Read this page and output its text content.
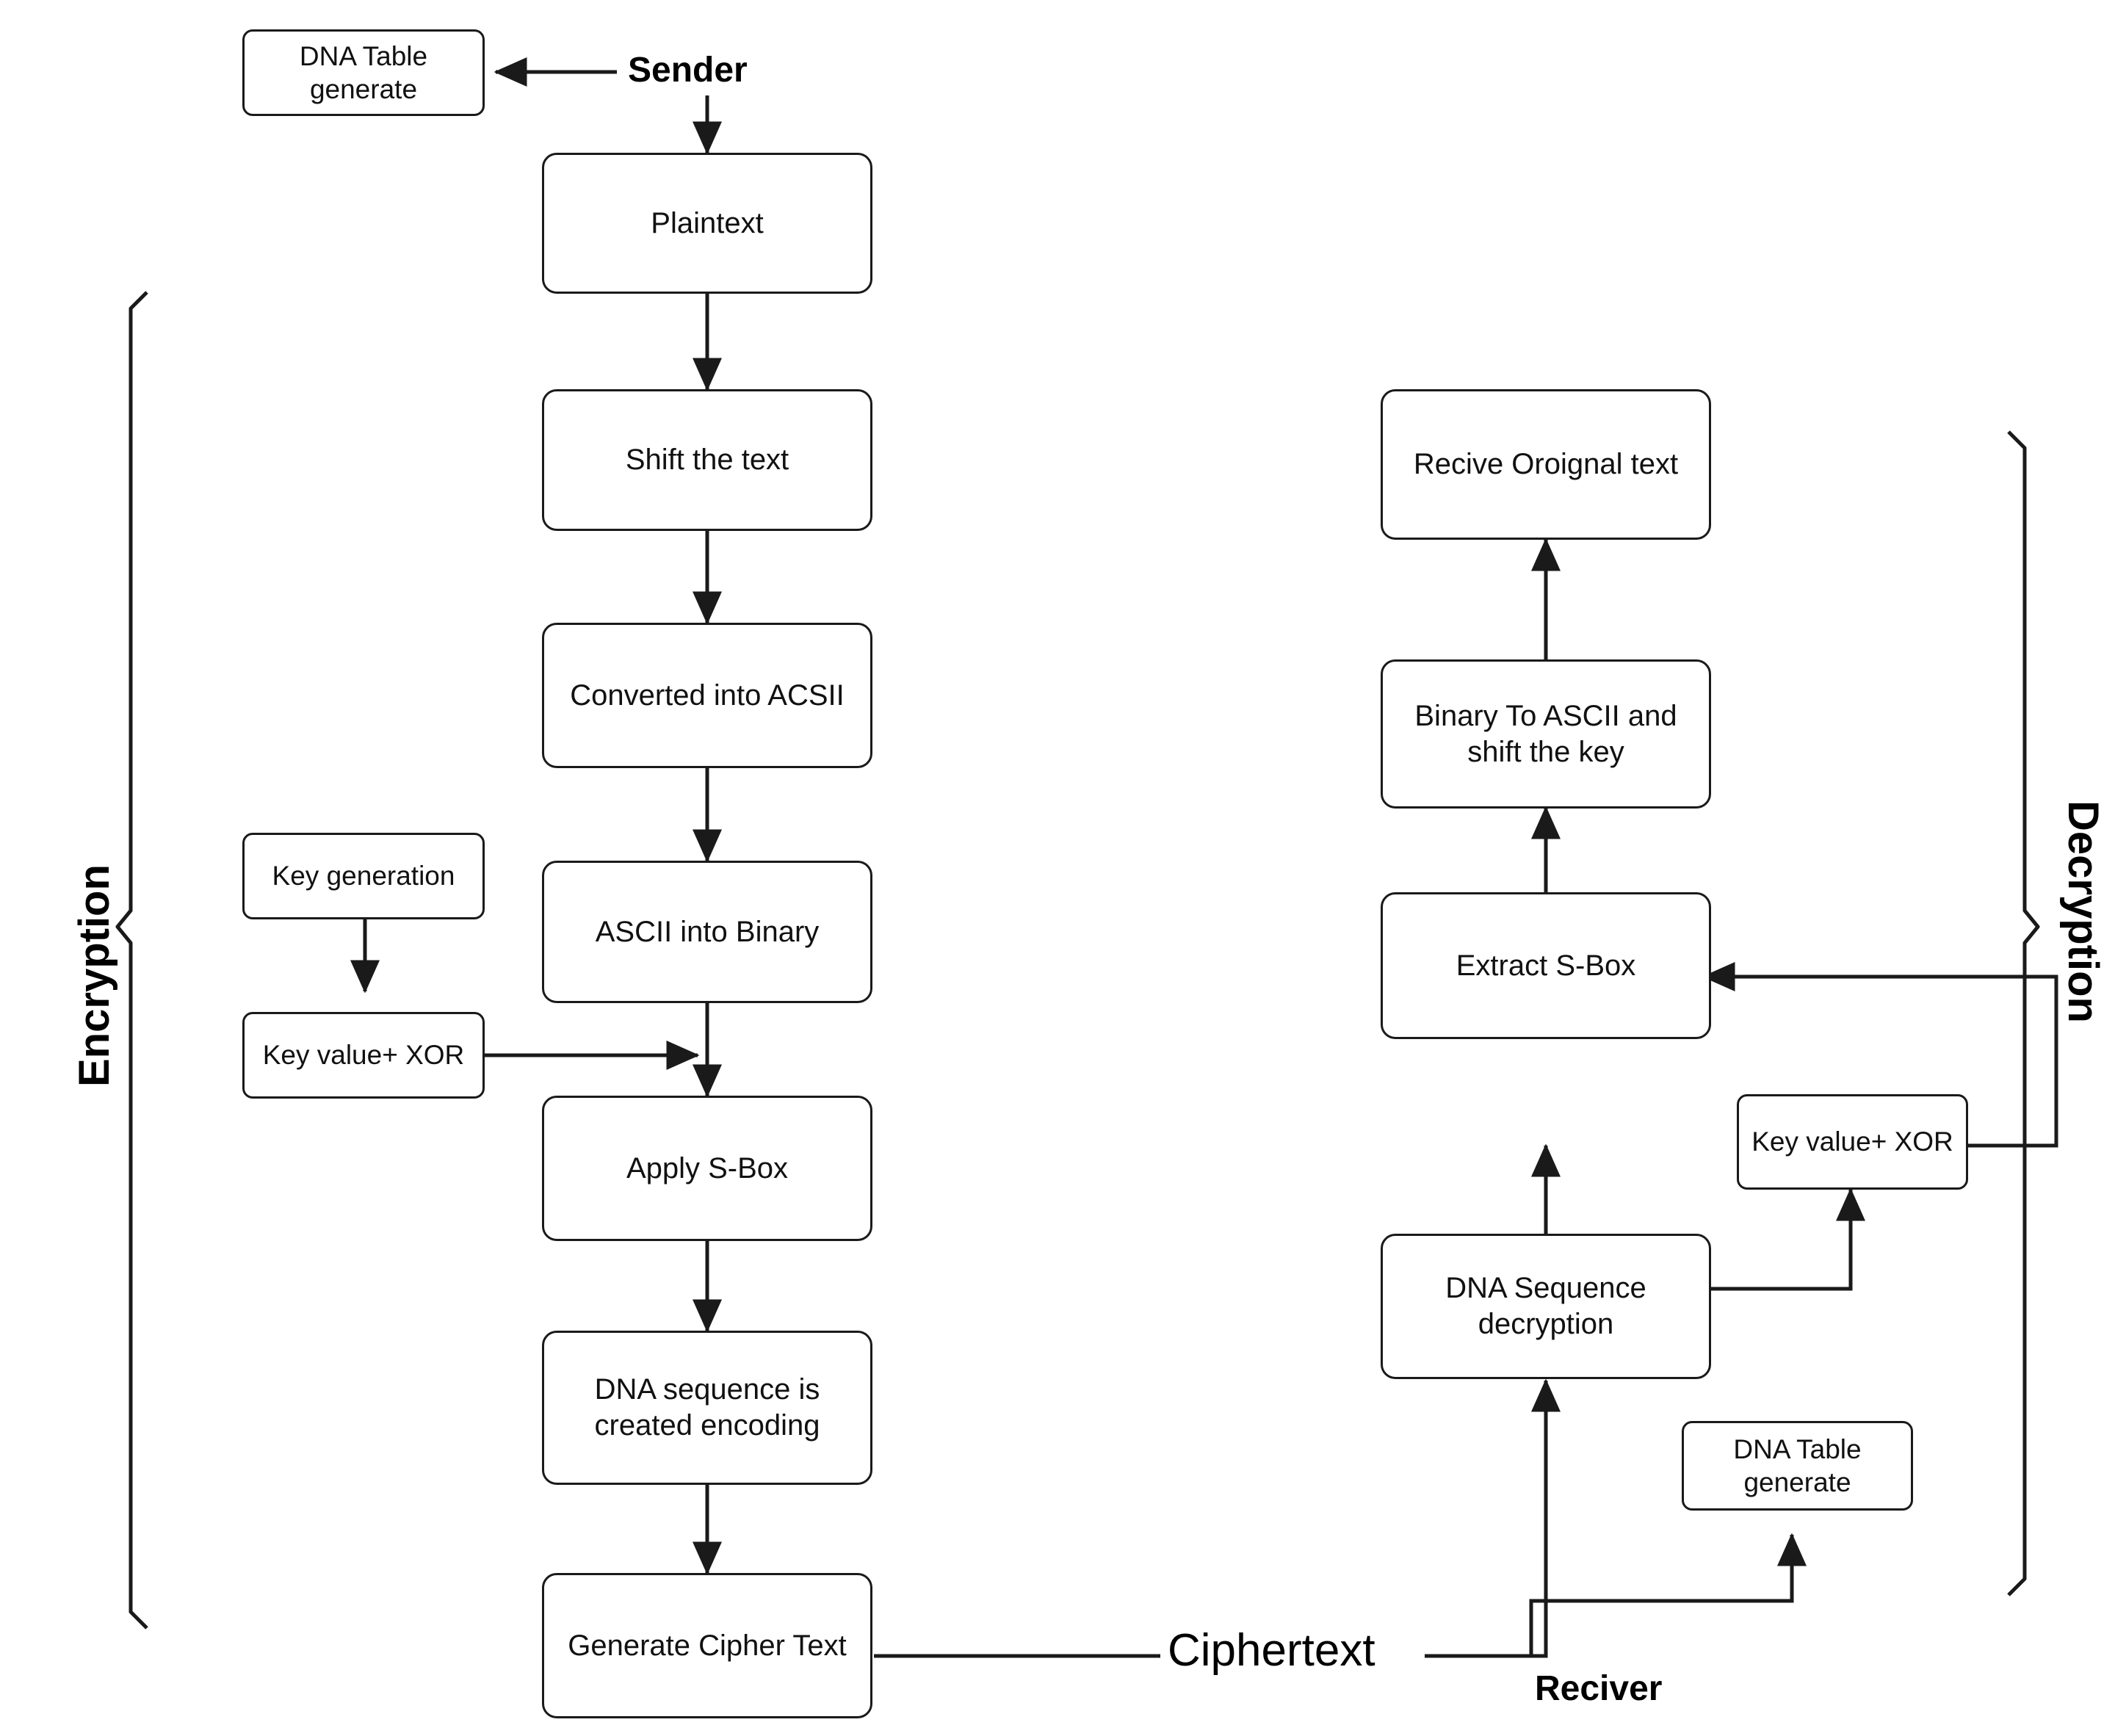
DNA Table generate	Sender
Plaintext
Shift the text
Converted into ACSII
ASCII into Binary
Key generation
Key value+ XOR
Apply S-Box
DNA sequence is created encoding
Generate Cipher Text
Recive Oroignal text
Binary To ASCII and shift the key
Extract S-Box
Key value+ XOR
DNA Sequence decryption
DNA Table generate
Ciphertext
Reciver
Encryption	Decryption
